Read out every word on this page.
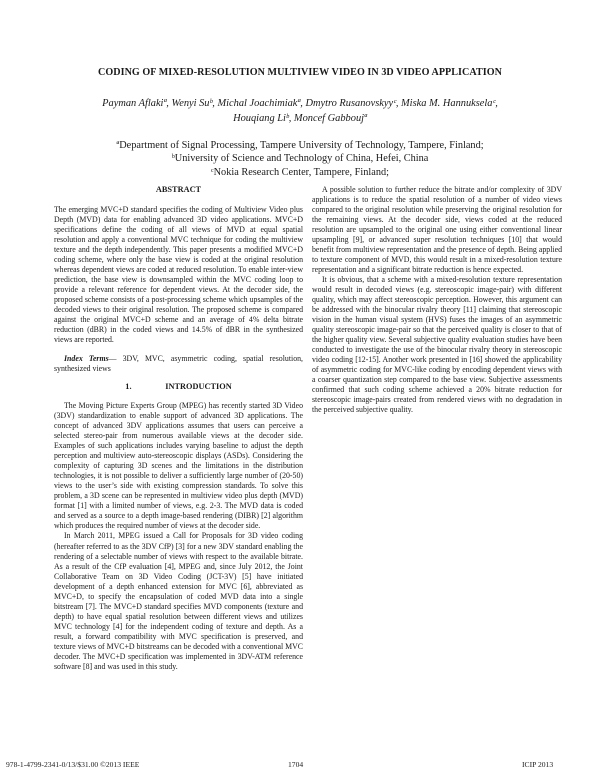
CODING OF MIXED-RESOLUTION MULTIVIEW VIDEO IN 3D VIDEO APPLICATION
Payman Aflakiª, Wenyi Suᵇ, Michal Joachimiakª, Dmytro Rusanovskyyᶜ, Miska M. Hannukselaᶜ,
Houqiang Liᵇ, Moncef Gabboujª
ªDepartment of Signal Processing, Tampere University of Technology, Tampere, Finland;
ᵇUniversity of Science and Technology of China, Hefei, China
ᶜNokia Research Center, Tampere, Finland;
ABSTRACT

The emerging MVC+D standard specifies the coding of Multiview Video plus Depth (MVD) data for enabling advanced 3D video applications. MVC+D specifications define the coding of all views of MVD at equal spatial resolution and apply a conventional MVC technique for coding the multiview texture and the depth independently. This paper presents a modified MVC+D coding scheme, where only the base view is coded at the original resolution whereas dependent views are coded at reduced resolution. To enable inter-view prediction, the base view is downsampled within the MVC coding loop to provide a relevant reference for dependent views. At the decoder side, the proposed scheme consists of a post-processing scheme which upsamples of the decoded views to their original resolution. The proposed scheme is compared against the original MVC+D scheme and an average of 4% delta bitrate reduction (dBR) in the coded views and 14.5% of dBR in the synthesized views are reported.

Index Terms— 3DV, MVC, asymmetric coding, spatial resolution, synthesized views

1.	INTRODUCTION

The Moving Picture Experts Group (MPEG) has recently started 3D Video (3DV) standardization to enable support of advanced 3D applications. The concept of advanced 3DV applications assumes that users can perceive a selected stereo-pair from numerous available views at the decoder side. Examples of such applications includes varying baseline to adjust the depth perception and multiview auto-stereoscopic displays (ASDs). Considering the complexity of capturing 3D scenes and the limitations in the distribution technologies, it is not possible to deliver a sufficiently large number of (20-50) views to the user’s side with existing compression standards. To solve this problem, a 3D scene can be represented in multiview video plus depth (MVD) format [1] with a limited number of views, e.g. 2-3. The MVD data is coded and served as a source to a depth image-based rendering (DIBR) [2] algorithm which produces the required number of views at the decoder side.

In March 2011, MPEG issued a Call for Proposals for 3D video coding (hereafter referred to as the 3DV CfP) [3] for a new 3DV standard enabling the rendering of a selectable number of views with respect to the available bitrate. As a result of the CfP evaluation [4], MPEG and, since July 2012, the Joint Collaborative Team on 3D Video Coding (JCT-3V) [5] have initiated development of a depth enhanced extension for MVC [6], abbreviated as MVC+D, to specify the encapsulation of coded MVD data into a single bitstream [7]. The MVC+D standard specifies MVD components (texture and depth) to have equal spatial resolution between different views and utilizes MVC technology [4] for the independent coding of texture and depth. As a result, a forward compatibility with MVC specification is preserved, and texture views of MVC+D bitstreams can be decoded with a conventional MVC decoder. The MVC+D specification was implemented in 3DV-ATM reference software [8] and was used in this study.

A possible solution to further reduce the bitrate and/or complexity of 3DV applications is to reduce the spatial resolution of a number of video views compared to the original resolution while preserving the original resolution for the remaining views. At the decoder side, views coded at the reduced resolution are upsampled to the original one using either conventional linear upsampling [9], or advanced super resolution techniques [10] that would benefit from multiview representation and the presence of depth. Being applied to texture component of MVD, this would result in a mixed-resolution texture representation and a significant bitrate reduction is hence expected.

It is obvious, that a scheme with a mixed-resolution texture representation would result in decoded views (e.g. stereoscopic image-pair) with different quality, which may affect stereoscopic perception. However, this argument can be addressed with the binocular rivalry theory [11] claiming that stereoscopic vision in the human visual system (HVS) fuses the images of an asymmetric quality stereoscopic image-pair so that the perceived quality is closer to that of the higher quality view. Several subjective quality evaluation studies have been conducted to investigate the use of the binocular rivalry theory in stereoscopic video coding [12-15]. Another work presented in [16] showed the applicability of asymmetric coding for MVC-like coding by encoding dependent views with a coarser quantization step compared to the base view. Subjective assessments confirmed that such coding scheme achieved a 20% bitrate reduction for stereoscopic image-pairs created from rendered views with no degradation in the perceived subjective quality.

978-1-4799-2341-0/13/$31.00 ©2013 IEEE	1704	ICIP 2013
